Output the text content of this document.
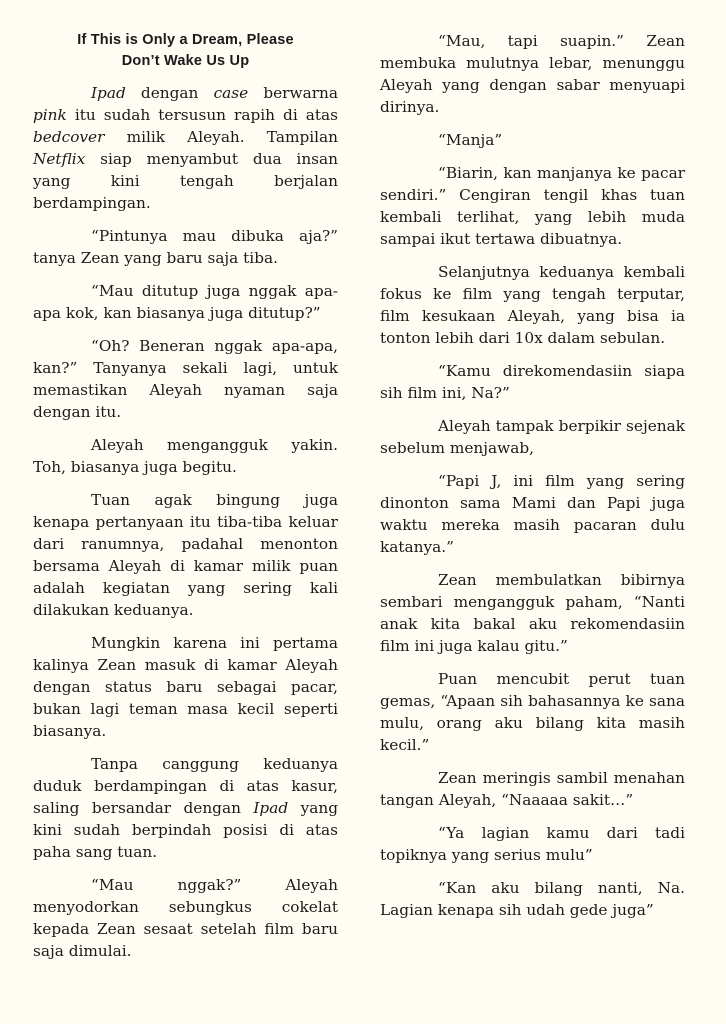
If This is Only a Dream, Please
Don’t Wake Us Up

Ipad dengan case berwarna pink itu sudah tersusun rapih di atas bedcover milik Aleyah. Tampilan Netflix siap menyambut dua insan yang kini tengah berjalan berdampingan.

“Pintunya mau dibuka aja?” tanya Zean yang baru saja tiba.

“Mau ditutup juga nggak apa-apa kok, kan biasanya juga ditutup?”

“Oh? Beneran nggak apa-apa, kan?” Tanyanya sekali lagi, untuk memastikan Aleyah nyaman saja dengan itu.

Aleyah mengangguk yakin. Toh, biasanya juga begitu.

Tuan agak bingung juga kenapa pertanyaan itu tiba-tiba keluar dari ranumnya, padahal menonton bersama Aleyah di kamar milik puan adalah kegiatan yang sering kali dilakukan keduanya.

Mungkin karena ini pertama kalinya Zean masuk di kamar Aleyah dengan status baru sebagai pacar, bukan lagi teman masa kecil seperti biasanya.

Tanpa canggung keduanya duduk berdampingan di atas kasur, saling bersandar dengan Ipad yang kini sudah berpindah posisi di atas paha sang tuan.

“Mau nggak?” Aleyah menyodorkan sebungkus cokelat kepada Zean sesaat setelah film baru saja dimulai.

“Mau, tapi suapin.” Zean membuka mulutnya lebar, menunggu Aleyah yang dengan sabar menyuapi dirinya.

“Manja”

“Biarin, kan manjanya ke pacar sendiri.” Cengiran tengil khas tuan kembali terlihat, yang lebih muda sampai ikut tertawa dibuatnya.

Selanjutnya keduanya kembali fokus ke film yang tengah terputar, film kesukaan Aleyah, yang bisa ia tonton lebih dari 10x dalam sebulan.

“Kamu direkomendasiin siapa sih film ini, Na?”

Aleyah tampak berpikir sejenak sebelum menjawab,

“Papi J, ini film yang sering dinonton sama Mami dan Papi juga waktu mereka masih pacaran dulu katanya.”

Zean membulatkan bibirnya sembari mengangguk paham, “Nanti anak kita bakal aku rekomendasiin film ini juga kalau gitu.”

Puan mencubit perut tuan gemas, “Apaan sih bahasannya ke sana mulu, orang aku bilang kita masih kecil.”

Zean meringis sambil menahan tangan Aleyah, “Naaaaa sakit…”

“Ya lagian kamu dari tadi topiknya yang serius mulu”

“Kan aku bilang nanti, Na. Lagian kenapa sih udah gede juga”
